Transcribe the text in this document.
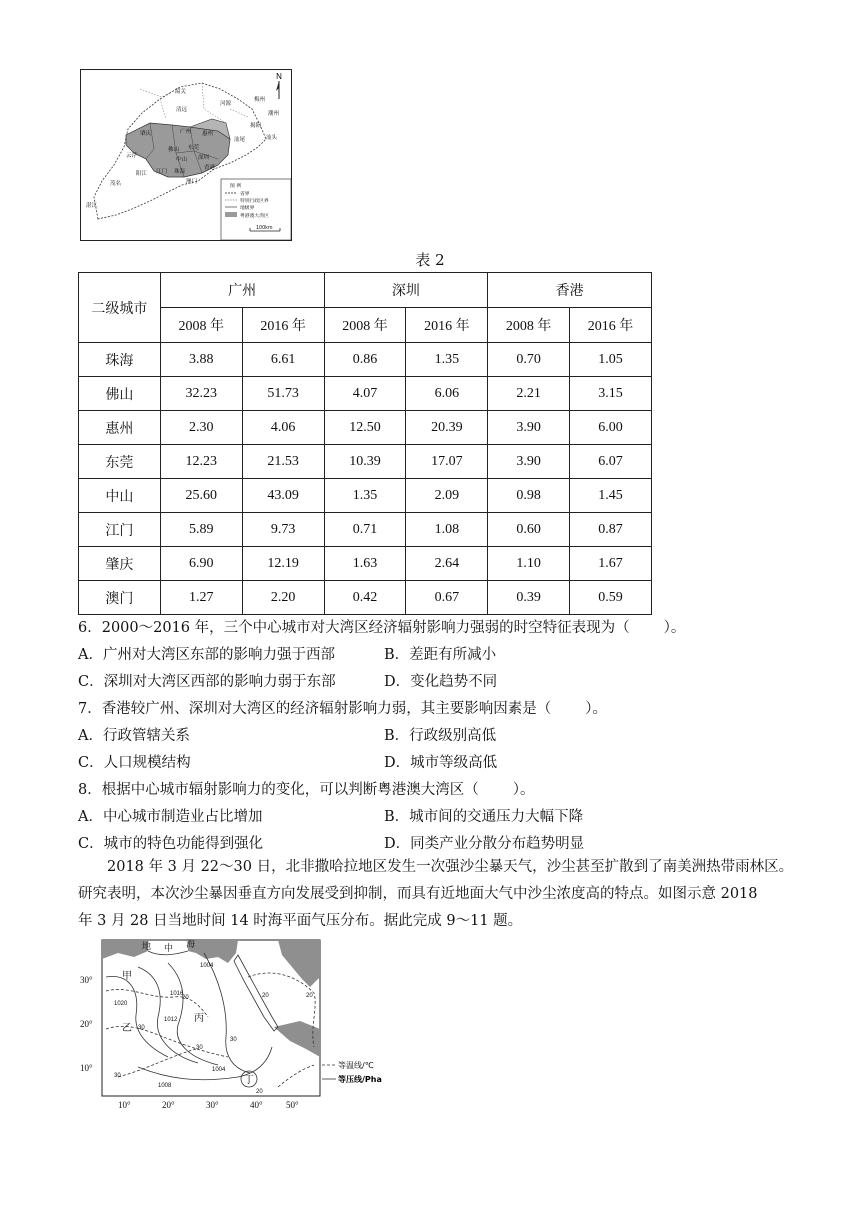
N
韶关
河源
梅州
潮州
汕头
揭阳
清远
肇庆	广州 惠州
汕尾
佛山 东莞
深圳
云浮
中山
香港
江门 珠海
阳江
澳门
茂名
湛江
图 例
省界
特别行政区界
地级界
粤港澳大湾区
100km
表 2
二级城市	广州		深圳		香港	
	2008 年	2016 年	2008 年	2016 年	2008 年	2016 年
珠海	3.88	6.61	0.86	1.35	0.70	1.05
佛山	32.23	51.73	4.07	6.06	2.21	3.15
惠州	2.30	4.06	12.50	20.39	3.90	6.00
东莞	12.23	21.53	10.39	17.07	3.90	6.07
中山	25.60	43.09	1.35	2.09	0.98	1.45
江门	5.89	9.73	0.71	1.08	0.60	0.87
肇庆	6.90	12.19	1.63	2.64	1.10	1.67
澳门	1.27	2.20	0.42	0.67	0.39	0.59
6．2000～2016 年，三个中心城市对大湾区经济辐射影响力强弱的时空特征表现为（ ）。
A．广州对大湾区东部的影响力强于西部	B．差距有所减小
C．深圳对大湾区西部的影响力弱于东部	D．变化趋势不同
7．香港较广州、深圳对大湾区的经济辐射影响力弱，其主要影响因素是（ ）。
A．行政管辖关系	B．行政级别高低
C．人口规模结构	D．城市等级高低
8．根据中心城市辐射影响力的变化，可以判断粤港澳大湾区（ ）。
A．中心城市制造业占比增加	B．城市间的交通压力大幅下降
C．城市的特色功能得到强化	D．同类产业分散分布趋势明显
2018 年 3 月 22～30 日，北非撒哈拉地区发生一次强沙尘暴天气，沙尘甚至扩散到了南美洲热带雨林区。
研究表明，本次沙尘暴因垂直方向发展受到抑制，而具有近地面大气中沙尘浓度高的特点。如图示意 2018
年 3 月 28 日当地时间 14 时海平面气压分布。据此完成 9～11 题。
地 中 海
甲
乙
丙
丁
1020
1016
1012
1008
1004
1004
20	20
30
30
30
30
20
20
30°
20°
10°
10°	20°	30°	40°	50°
等温线/℃
等压线/Pha
